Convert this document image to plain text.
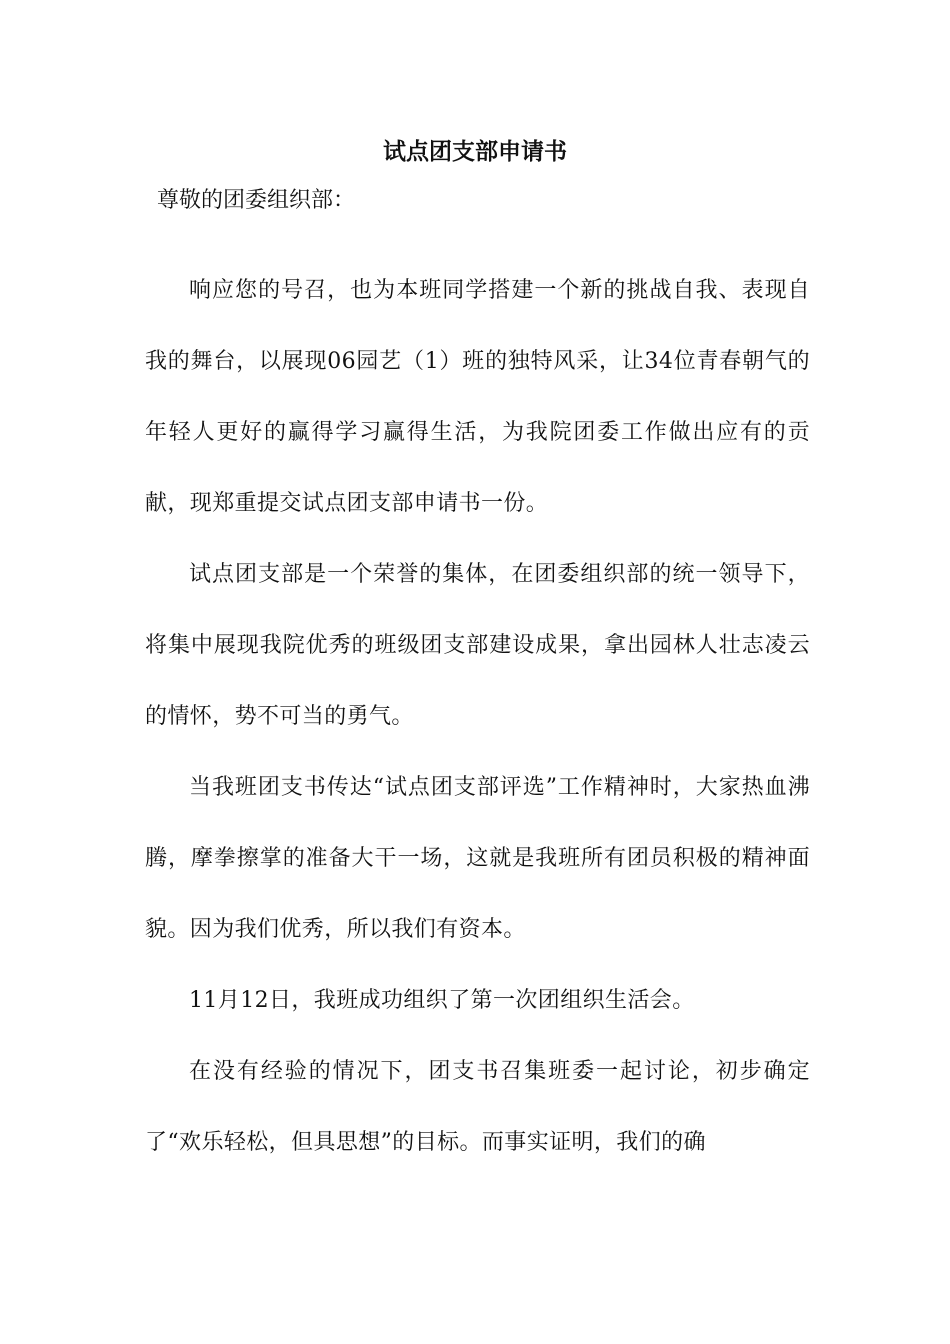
试点团支部申请书

尊敬的团委组织部：

响应您的号召，也为本班同学搭建一个新的挑战自我、表现自我的舞台，以展现06园艺（1）班的独特风采，让34位青春朝气的年轻人更好的赢得学习赢得生活，为我院团委工作做出应有的贡献，现郑重提交试点团支部申请书一份。

试点团支部是一个荣誉的集体，在团委组织部的统一领导下，将集中展现我院优秀的班级团支部建设成果，拿出园林人壮志凌云的情怀，势不可当的勇气。

当我班团支书传达“试点团支部评选”工作精神时，大家热血沸腾，摩拳擦掌的准备大干一场，这就是我班所有团员积极的精神面貌。因为我们优秀，所以我们有资本。

11月12日，我班成功组织了第一次团组织生活会。

在没有经验的情况下，团支书召集班委一起讨论，初步确定了“欢乐轻松，但具思想”的目标。而事实证明，我们的确
